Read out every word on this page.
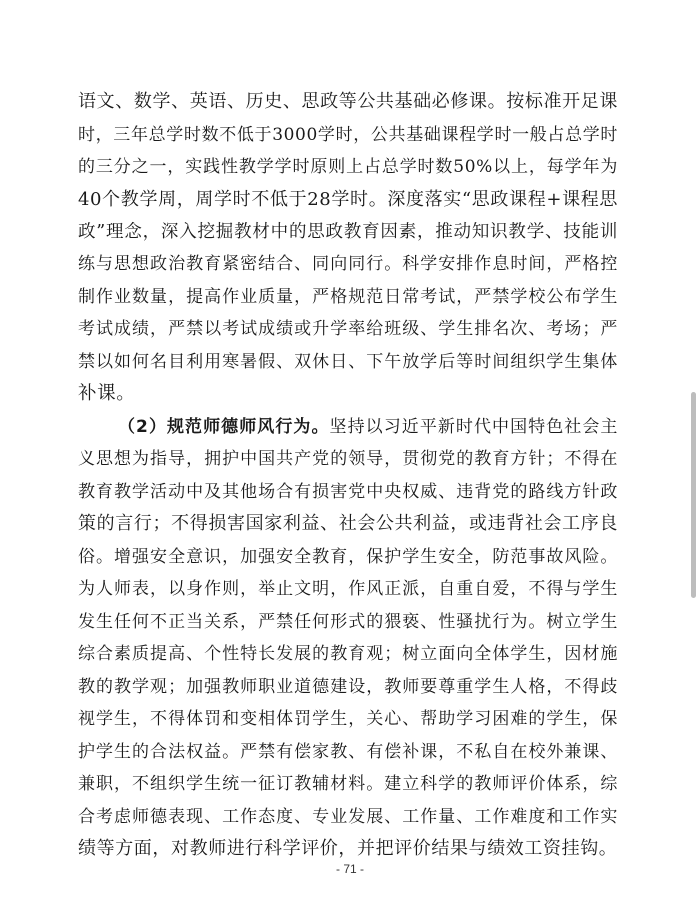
语文、数学、英语、历史、思政等公共基础必修课。按标准开足课
时，三年总学时数不低于3000学时，公共基础课程学时一般占总学时
的三分之一，实践性教学学时原则上占总学时数50%以上，每学年为
40个教学周，周学时不低于28学时。深度落实“思政课程+课程思
政”理念，深入挖掘教材中的思政教育因素，推动知识教学、技能训
练与思想政治教育紧密结合、同向同行。科学安排作息时间，严格控
制作业数量，提高作业质量，严格规范日常考试，严禁学校公布学生
考试成绩，严禁以考试成绩或升学率给班级、学生排名次、考场；严
禁以如何名目利用寒暑假、双休日、下午放学后等时间组织学生集体
补课。
（2）规范师德师风行为。坚持以习近平新时代中国特色社会主
义思想为指导，拥护中国共产党的领导，贯彻党的教育方针；不得在
教育教学活动中及其他场合有损害党中央权威、违背党的路线方针政
策的言行；不得损害国家利益、社会公共利益，或违背社会工序良
俗。增强安全意识，加强安全教育，保护学生安全，防范事故风险。
为人师表，以身作则，举止文明，作风正派，自重自爱，不得与学生
发生任何不正当关系，严禁任何形式的猥亵、性骚扰行为。树立学生
综合素质提高、个性特长发展的教育观；树立面向全体学生，因材施
教的教学观；加强教师职业道德建设，教师要尊重学生人格，不得歧
视学生，不得体罚和变相体罚学生，关心、帮助学习困难的学生，保
护学生的合法权益。严禁有偿家教、有偿补课，不私自在校外兼课、
兼职，不组织学生统一征订教辅材料。建立科学的教师评价体系，综
合考虑师德表现、工作态度、专业发展、工作量、工作难度和工作实
绩等方面，对教师进行科学评价，并把评价结果与绩效工资挂钩。
- 71 -
